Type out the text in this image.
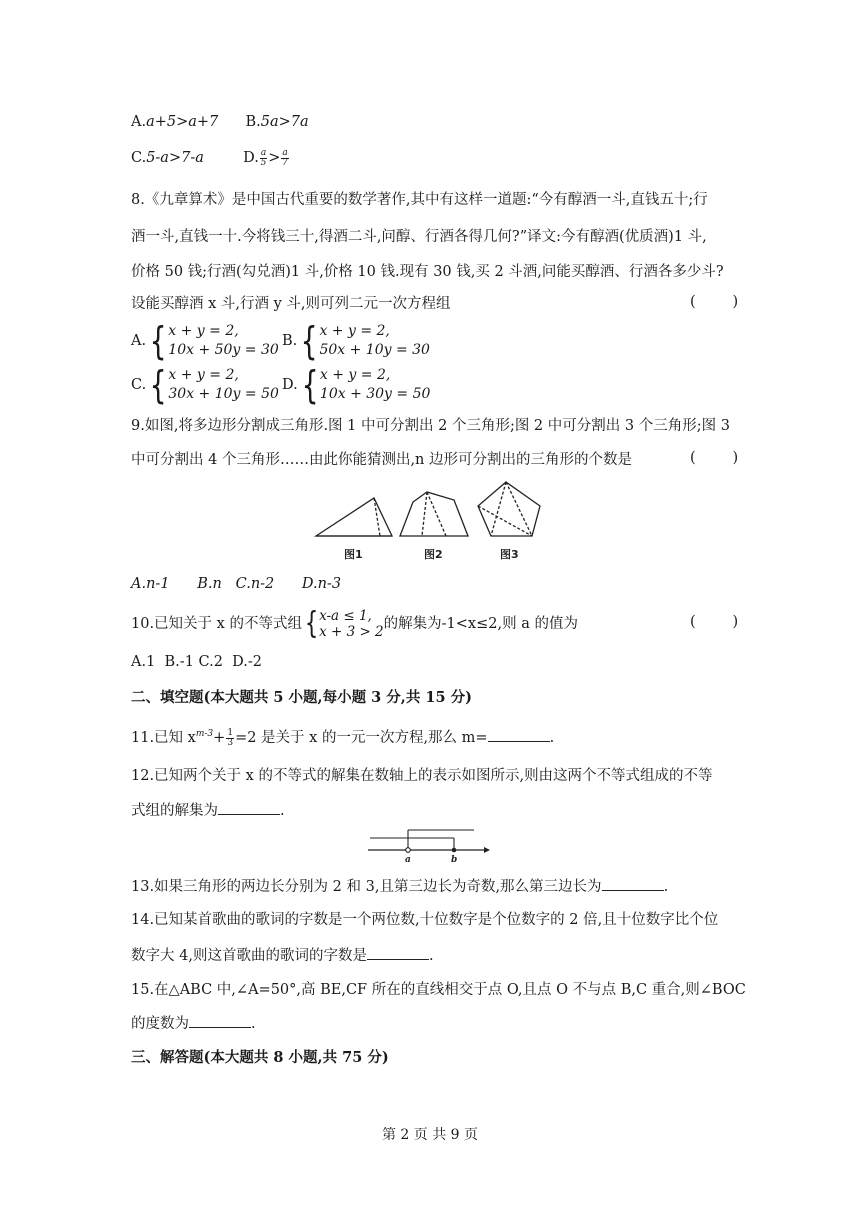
A.a+5>a+7 B.5a>7a
C.5-a>7-a	D. $\frac{a}{5} > \frac{a}{7}$
8.《九章算术》是中国古代重要的数学著作,其中有这样一道题:“今有醇酒一斗,直钱五十;行
酒一斗,直钱一十.今将钱三十,得酒二斗,问醇、行酒各得几何?”译文:今有醇酒(优质酒)1 斗,
价格 50 钱;行酒(勾兑酒)1 斗,价格 10 钱.现有 30 钱,买 2 斗酒,问能买醇酒、行酒各多少斗?
设能买醇酒 x 斗,行酒 y 斗,则可列二元一次方程组	(        )
A. { x + y = 2,
10x + 50y = 30
B. { x + y = 2,
50x + 10y = 30
C. { x + y = 2,
30x + 10y = 50
D. { x + y = 2,
10x + 30y = 50
9.如图,将多边形分割成三角形.图 1 中可分割出 2 个三角形;图 2 中可分割出 3 个三角形;图 3
中可分割出 4 个三角形……由此你能猜测出,n 边形可分割出的三角形的个数是	(        )
图1	图2	图3
A.n-1      B.n   C.n-2      D.n-3
10.已知关于 x 的不等式组 { x-a ≤ 1,
x + 3 > 2 的解集为-1<x≤2,则 a 的值为	(        )
A.1  B.-1 C.2  D.-2
二、填空题(本大题共 5 小题,每小题 3 分,共 15 分)
11.已知 $x^{m-3}+ \frac{1}{3} =2$ 是关于 x 的一元一次方程,那么 m=	.
12.已知两个关于 x 的不等式的解集在数轴上的表示如图所示,则由这两个不等式组成的不等
式组的解集为	.
a	b
13.如果三角形的两边长分别为 2 和 3,且第三边长为奇数,那么第三边长为	.
14.已知某首歌曲的歌词的字数是一个两位数,十位数字是个位数字的 2 倍,且十位数字比个位
数字大 4,则这首歌曲的歌词的字数是	.
15.在△ABC 中,∠A=50°,高 BE,CF 所在的直线相交于点 O,且点 O 不与点 B,C 重合,则∠BOC
的度数为	.
三、解答题(本大题共 8 小题,共 75 分)
第 2 页 共 9 页
